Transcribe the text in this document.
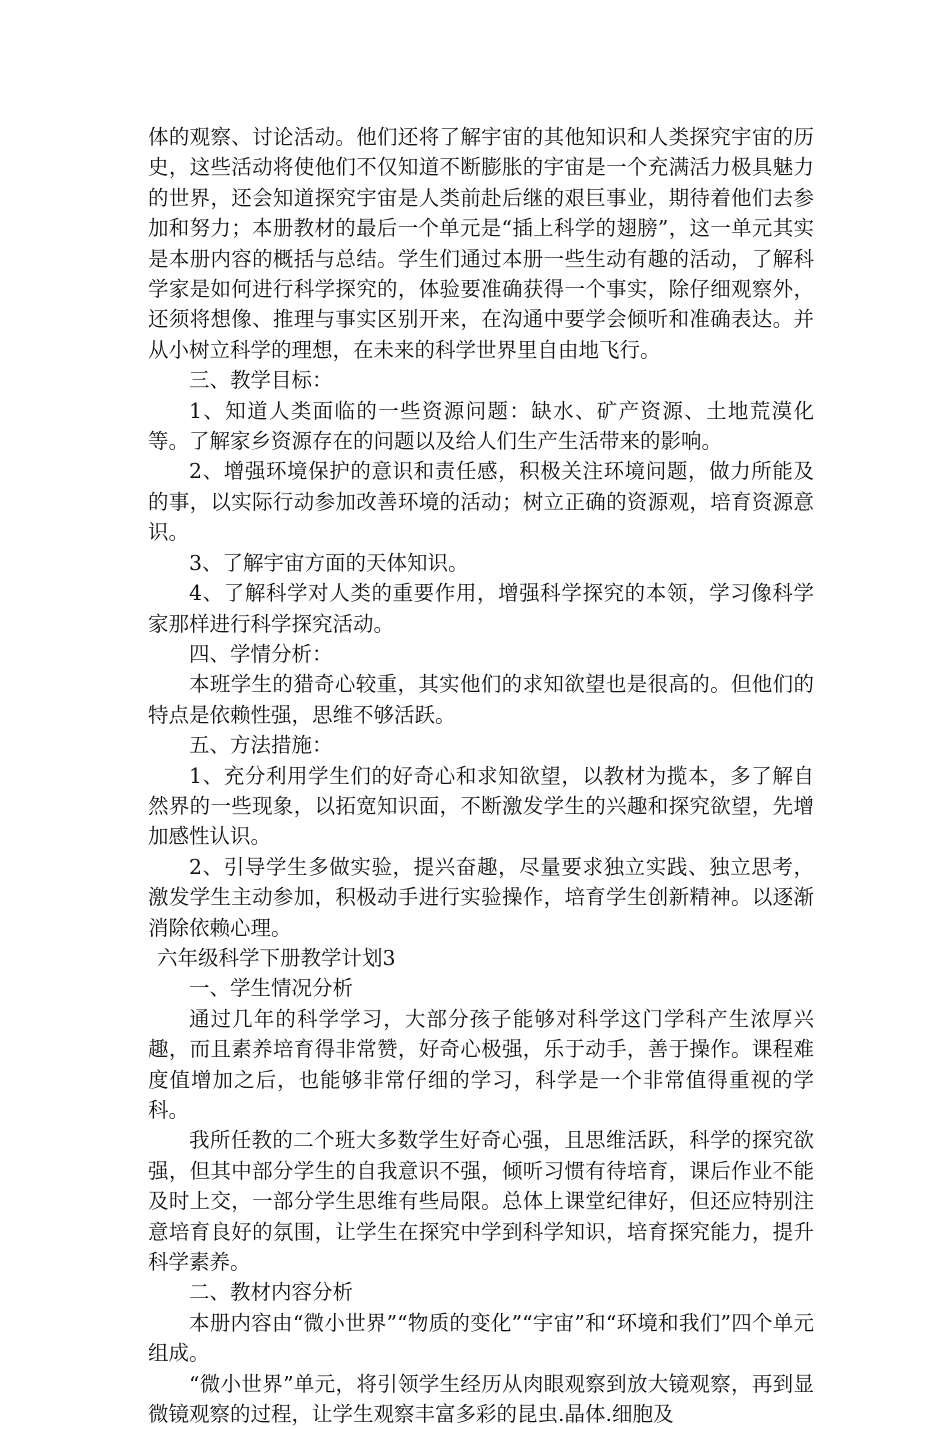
体的观察、讨论活动。他们还将了解宇宙的其他知识和人类探究宇宙的历史，这些活动将使他们不仅知道不断膨胀的宇宙是一个充满活力极具魅力的世界，还会知道探究宇宙是人类前赴后继的艰巨事业，期待着他们去参加和努力；本册教材的最后一个单元是“插上科学的翅膀”，这一单元其实是本册内容的概括与总结。学生们通过本册一些生动有趣的活动，了解科学家是如何进行科学探究的，体验要准确获得一个事实，除仔细观察外，还须将想像、推理与事实区别开来，在沟通中要学会倾听和准确表达。并从小树立科学的理想，在未来的科学世界里自由地飞行。

三、教学目标：

1、知道人类面临的一些资源问题：缺水、矿产资源、土地荒漠化等。了解家乡资源存在的问题以及给人们生产生活带来的影响。

2、增强环境保护的意识和责任感，积极关注环境问题，做力所能及的事，以实际行动参加改善环境的活动；树立正确的资源观，培育资源意识。

3、了解宇宙方面的天体知识。

4、了解科学对人类的重要作用，增强科学探究的本领，学习像科学家那样进行科学探究活动。

四、学情分析：

本班学生的猎奇心较重，其实他们的求知欲望也是很高的。但他们的特点是依赖性强，思维不够活跃。

五、方法措施：

1、充分利用学生们的好奇心和求知欲望，以教材为揽本，多了解自然界的一些现象，以拓宽知识面，不断激发学生的兴趣和探究欲望，先增加感性认识。

2、引导学生多做实验，提兴奋趣，尽量要求独立实践、独立思考，激发学生主动参加，积极动手进行实验操作，培育学生创新精神。以逐渐消除依赖心理。

六年级科学下册教学计划3

一、学生情况分析

通过几年的科学学习，大部分孩子能够对科学这门学科产生浓厚兴趣，而且素养培育得非常赞，好奇心极强，乐于动手，善于操作。课程难度值增加之后，也能够非常仔细的学习，科学是一个非常值得重视的学科。

我所任教的二个班大多数学生好奇心强，且思维活跃，科学的探究欲强，但其中部分学生的自我意识不强，倾听习惯有待培育，课后作业不能及时上交，一部分学生思维有些局限。总体上课堂纪律好，但还应特别注意培育良好的氛围，让学生在探究中学到科学知识，培育探究能力，提升科学素养。

二、教材内容分析

本册内容由“微小世界”“物质的变化”“宇宙”和“环境和我们”四个单元组成。

“微小世界”单元，将引领学生经历从肉眼观察到放大镜观察，再到显微镜观察的过程，让学生观察丰富多彩的昆虫.晶体.细胞及
